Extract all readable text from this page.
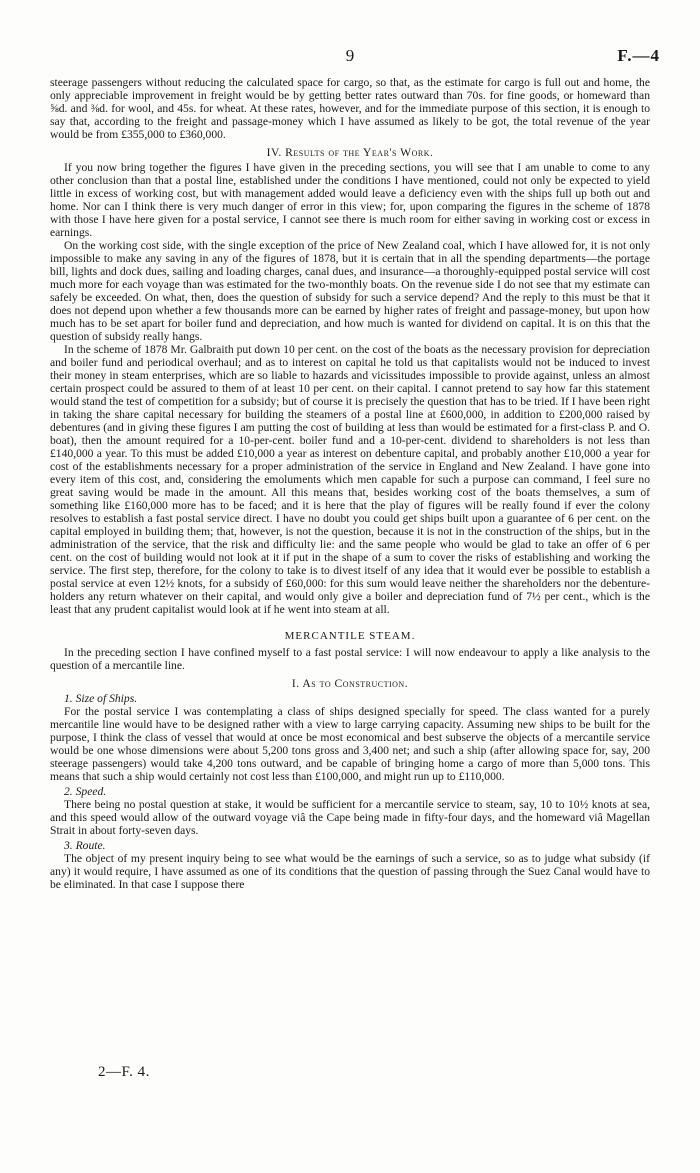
9	F.—4

steerage passengers without reducing the calculated space for cargo, so that, as the estimate for cargo is full out and home, the only appreciable improvement in freight would be by getting better rates outward than 70s. for fine goods, or homeward than ⅝d. and ⅜d. for wool, and 45s. for wheat. At these rates, however, and for the immediate purpose of this section, it is enough to say that, according to the freight and passage-money which I have assumed as likely to be got, the total revenue of the year would be from £355,000 to £360,000.

IV. Results of the Year's Work.

If you now bring together the figures I have given in the preceding sections, you will see that I am unable to come to any other conclusion than that a postal line, established under the conditions I have mentioned, could not only be expected to yield little in excess of working cost, but with management added would leave a deficiency even with the ships full up both out and home. Nor can I think there is very much danger of error in this view; for, upon comparing the figures in the scheme of 1878 with those I have here given for a postal service, I cannot see there is much room for either saving in working cost or excess in earnings.

On the working cost side, with the single exception of the price of New Zealand coal, which I have allowed for, it is not only impossible to make any saving in any of the figures of 1878, but it is certain that in all the spending departments—the portage bill, lights and dock dues, sailing and loading charges, canal dues, and insurance—a thoroughly-equipped postal service will cost much more for each voyage than was estimated for the two-monthly boats. On the revenue side I do not see that my estimate can safely be exceeded. On what, then, does the question of subsidy for such a service depend? And the reply to this must be that it does not depend upon whether a few thousands more can be earned by higher rates of freight and passage-money, but upon how much has to be set apart for boiler fund and depreciation, and how much is wanted for dividend on capital. It is on this that the question of subsidy really hangs.

In the scheme of 1878 Mr. Galbraith put down 10 per cent. on the cost of the boats as the necessary provision for depreciation and boiler fund and periodical overhaul; and as to interest on capital he told us that capitalists would not be induced to invest their money in steam enterprises, which are so liable to hazards and vicissitudes impossible to provide against, unless an almost certain prospect could be assured to them of at least 10 per cent. on their capital. I cannot pretend to say how far this statement would stand the test of competition for a subsidy; but of course it is precisely the question that has to be tried. If I have been right in taking the share capital necessary for building the steamers of a postal line at £600,000, in addition to £200,000 raised by debentures (and in giving these figures I am putting the cost of building at less than would be estimated for a first-class P. and O. boat), then the amount required for a 10-per-cent. boiler fund and a 10-per-cent. dividend to shareholders is not less than £140,000 a year. To this must be added £10,000 a year as interest on debenture capital, and probably another £10,000 a year for cost of the establishments necessary for a proper administration of the service in England and New Zealand. I have gone into every item of this cost, and, considering the emoluments which men capable for such a purpose can command, I feel sure no great saving would be made in the amount. All this means that, besides working cost of the boats themselves, a sum of something like £160,000 more has to be faced; and it is here that the play of figures will be really found if ever the colony resolves to establish a fast postal service direct. I have no doubt you could get ships built upon a guarantee of 6 per cent. on the capital employed in building them; that, however, is not the question, because it is not in the construction of the ships, but in the administration of the service, that the risk and difficulty lie: and the same people who would be glad to take an offer of 6 per cent. on the cost of building would not look at it if put in the shape of a sum to cover the risks of establishing and working the service. The first step, therefore, for the colony to take is to divest itself of any idea that it would ever be possible to establish a postal service at even 12½ knots, for a subsidy of £60,000: for this sum would leave neither the shareholders nor the debenture-holders any return whatever on their capital, and would only give a boiler and depreciation fund of 7½ per cent., which is the least that any prudent capitalist would look at if he went into steam at all.

MERCANTILE STEAM.

In the preceding section I have confined myself to a fast postal service: I will now endeavour to apply a like analysis to the question of a mercantile line.

I. As to Construction.

1. Size of Ships.

For the postal service I was contemplating a class of ships designed specially for speed. The class wanted for a purely mercantile line would have to be designed rather with a view to large carrying capacity. Assuming new ships to be built for the purpose, I think the class of vessel that would at once be most economical and best subserve the objects of a mercantile service would be one whose dimensions were about 5,200 tons gross and 3,400 net; and such a ship (after allowing space for, say, 200 steerage passengers) would take 4,200 tons outward, and be capable of bringing home a cargo of more than 5,000 tons. This means that such a ship would certainly not cost less than £100,000, and might run up to £110,000.

2. Speed.

There being no postal question at stake, it would be sufficient for a mercantile service to steam, say, 10 to 10½ knots at sea, and this speed would allow of the outward voyage viâ the Cape being made in fifty-four days, and the homeward viâ Magellan Strait in about forty-seven days.

3. Route.

The object of my present inquiry being to see what would be the earnings of such a service, so as to judge what subsidy (if any) it would require, I have assumed as one of its conditions that the question of passing through the Suez Canal would have to be eliminated. In that case I suppose there

2—F. 4.
